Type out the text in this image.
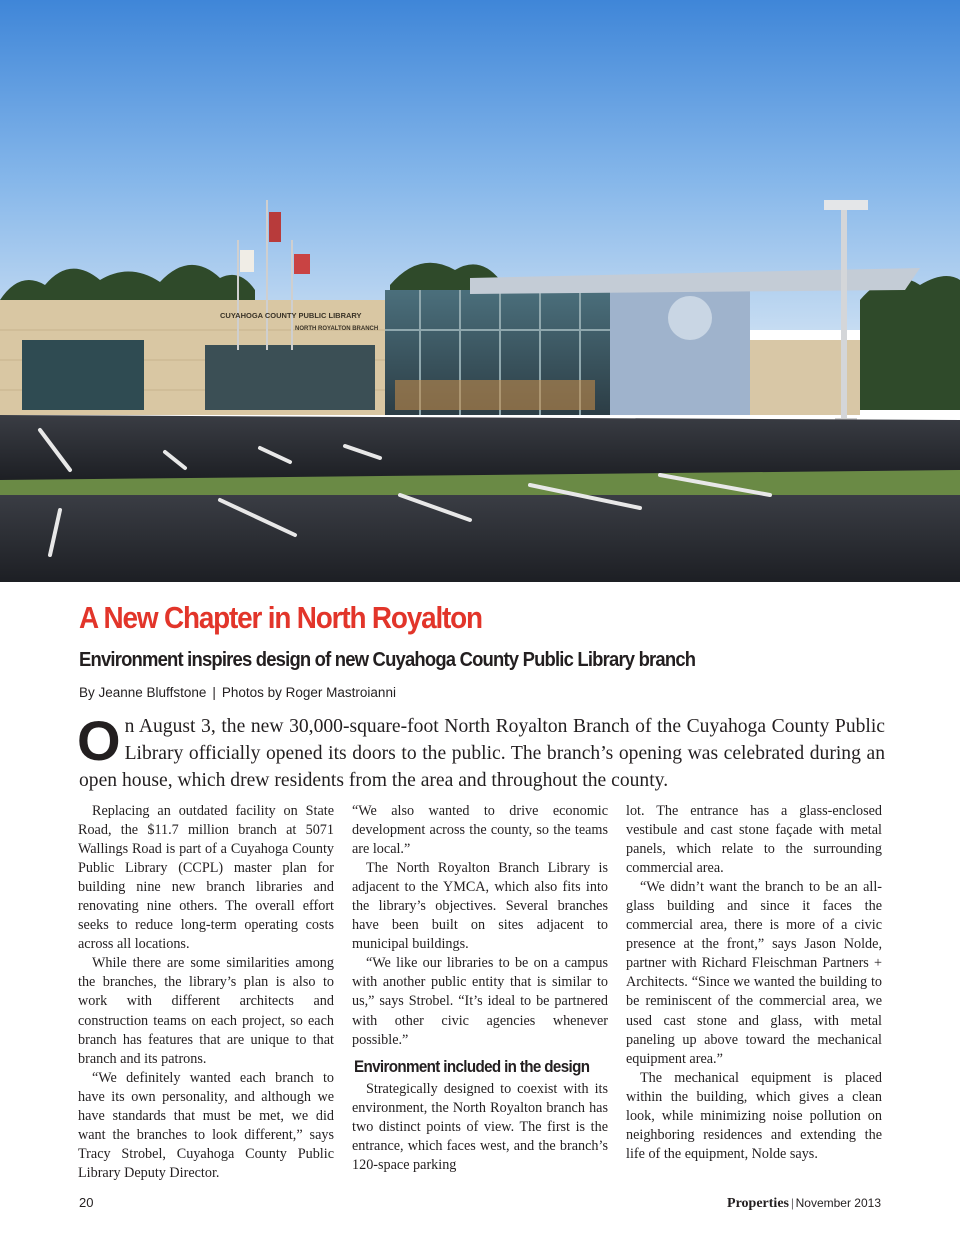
CUYAHOGA COUNTY PUBLIC LIBRARY
NORTH ROYALTON BRANCH
A New Chapter in North Royalton
Environment inspires design of new Cuyahoga County Public Library branch
By Jeanne Bluffstone | Photos by Roger Mastroianni
On August 3, the new 30,000-square-foot North Royalton Branch of the Cuyahoga County Public Library officially opened its doors to the public. The branch’s opening was celebrated during an open house, which drew residents from the area and throughout the county.

Replacing an outdated facility on State Road, the $11.7 million branch at 5071 Wallings Road is part of a Cuyahoga County Public Library (CCPL) master plan for building nine new branch libraries and renovating nine others. The overall effort seeks to reduce long-term operating costs across all locations.

While there are some similarities among the branches, the library’s plan is also to work with different architects and construction teams on each project, so each branch has features that are unique to that branch and its patrons.

“We definitely wanted each branch to have its own personality, and although we have standards that must be met, we did want the branches to look different,” says Tracy Strobel, Cuyahoga County Public Library Deputy Director.

“We also wanted to drive economic development across the county, so the teams are local.”

The North Royalton Branch Library is adjacent to the YMCA, which also fits into the library’s objectives. Several branches have been built on sites adjacent to municipal buildings.

“We like our libraries to be on a campus with another public entity that is similar to us,” says Strobel. “It’s ideal to be partnered with other civic agencies whenever possible.”

Environment included in the design

Strategically designed to coexist with its environment, the North Royalton branch has two distinct points of view. The first is the entrance, which faces west, and the branch’s 120-space parking

lot. The entrance has a glass-enclosed vestibule and cast stone façade with metal panels, which relate to the surrounding commercial area.

“We didn’t want the branch to be an all-glass building and since it faces the commercial area, there is more of a civic presence at the front,” says Jason Nolde, partner with Richard Fleischman Partners + Architects. “Since we wanted the building to be reminiscent of the commercial area, we used cast stone and glass, with metal paneling up above toward the mechanical equipment area.”

The mechanical equipment is placed within the building, which gives a clean look, while minimizing noise pollution on neighboring residences and extending the life of the equipment, Nolde says.

20	Properties | November 2013
